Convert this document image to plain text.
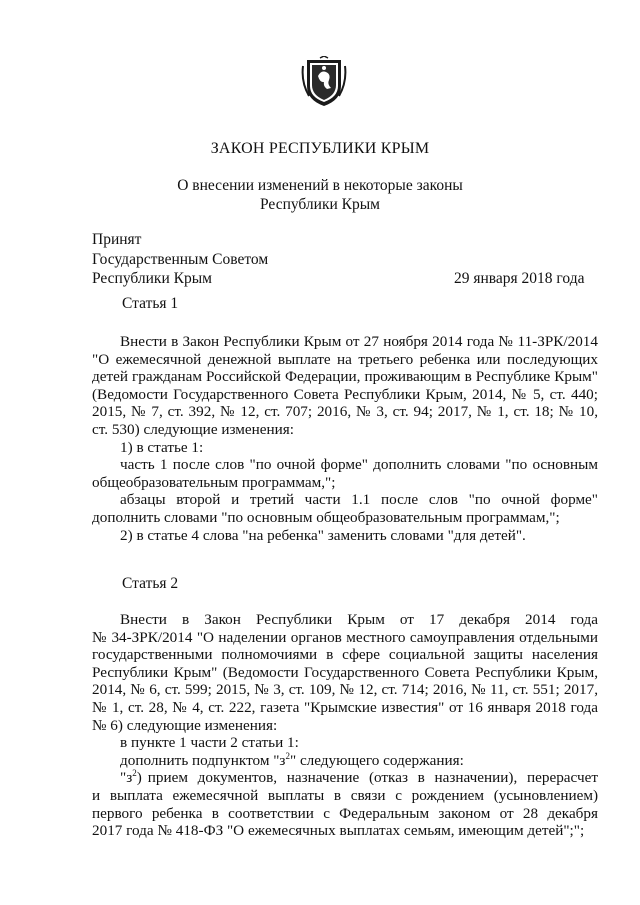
ЗАКОН РЕСПУБЛИКИ КРЫМ
О внесении изменений в некоторые законы
Республики Крым
Принят
Государственным Советом
Республики Крым	29 января 2018 года
Статья 1
Внести в Закон Республики Крым от 27 ноября 2014 года № 11-ЗРК/2014
"О ежемесячной денежной выплате на третьего ребенка или последующих
детей гражданам Российской Федерации, проживающим в Республике Крым"
(Ведомости Государственного Совета Республики Крым, 2014, № 5, ст. 440;
2015, № 7, ст. 392, № 12, ст. 707; 2016, № 3, ст. 94; 2017, № 1, ст. 18; № 10,
ст. 530) следующие изменения:
1) в статье 1:
часть 1 после слов "по очной форме" дополнить словами "по основным
общеобразовательным программам,";
абзацы второй и третий части 1.1 после слов "по очной форме"
дополнить словами "по основным общеобразовательным программам,";
2) в статье 4 слова "на ребенка" заменить словами "для детей".
Статья 2
Внести в Закон Республики Крым от 17 декабря 2014 года
№ 34-ЗРК/2014 "О наделении органов местного самоуправления отдельными
государственными полномочиями в сфере социальной защиты населения
Республики Крым" (Ведомости Государственного Совета Республики Крым,
2014, № 6, ст. 599; 2015, № 3, ст. 109, № 12, ст. 714; 2016, № 11, ст. 551; 2017,
№ 1, ст. 28, № 4, ст. 222, газета "Крымские известия" от 16 января 2018 года
№ 6) следующие изменения:
в пункте 1 части 2 статьи 1:
дополнить подпунктом "$з^2$" следующего содержания:
"$з^2$) прием документов, назначение (отказ в назначении), перерасчет
и выплата ежемесячной выплаты в связи с рождением (усыновлением)
первого ребенка в соответствии с Федеральным законом от 28 декабря
2017 года № 418-ФЗ "О ежемесячных выплатах семьям, имеющим детей";";
